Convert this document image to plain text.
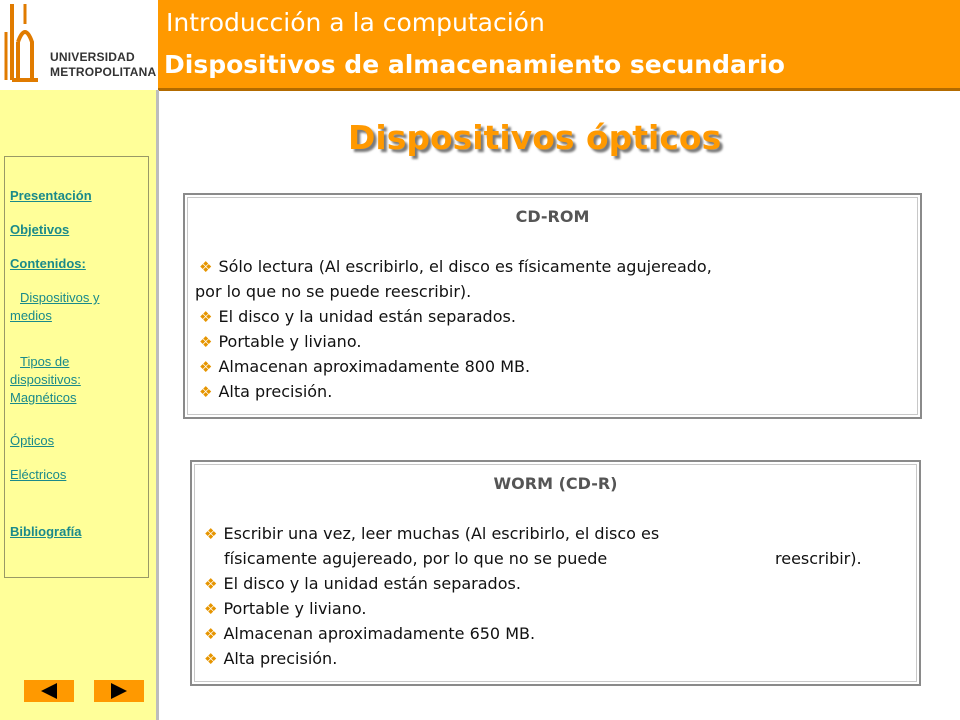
UNIVERSIDAD
METROPOLITANA
Introducción a la computación
Dispositivos de almacenamiento secundario
Presentación
Objetivos
Contenidos:
Dispositivos y
medios
Tipos de
dispositivos:
Magnéticos
Ópticos
Eléctricos
Bibliografía
Dispositivos ópticos
CD-ROM
❖ Sólo lectura (Al escribirlo, el disco es físicamente agujereado,
por lo que no se puede reescribir).
❖ El disco y la unidad están separados.
❖ Portable y liviano.
❖ Almacenan aproximadamente 800 MB.
❖ Alta precisión.
WORM (CD-R)
❖ Escribir una vez, leer muchas (Al escribirlo, el disco es
físicamente agujereado, por lo que no se puede	reescribir).
❖ El disco y la unidad están separados.
❖ Portable y liviano.
❖ Almacenan aproximadamente 650 MB.
❖ Alta precisión.
